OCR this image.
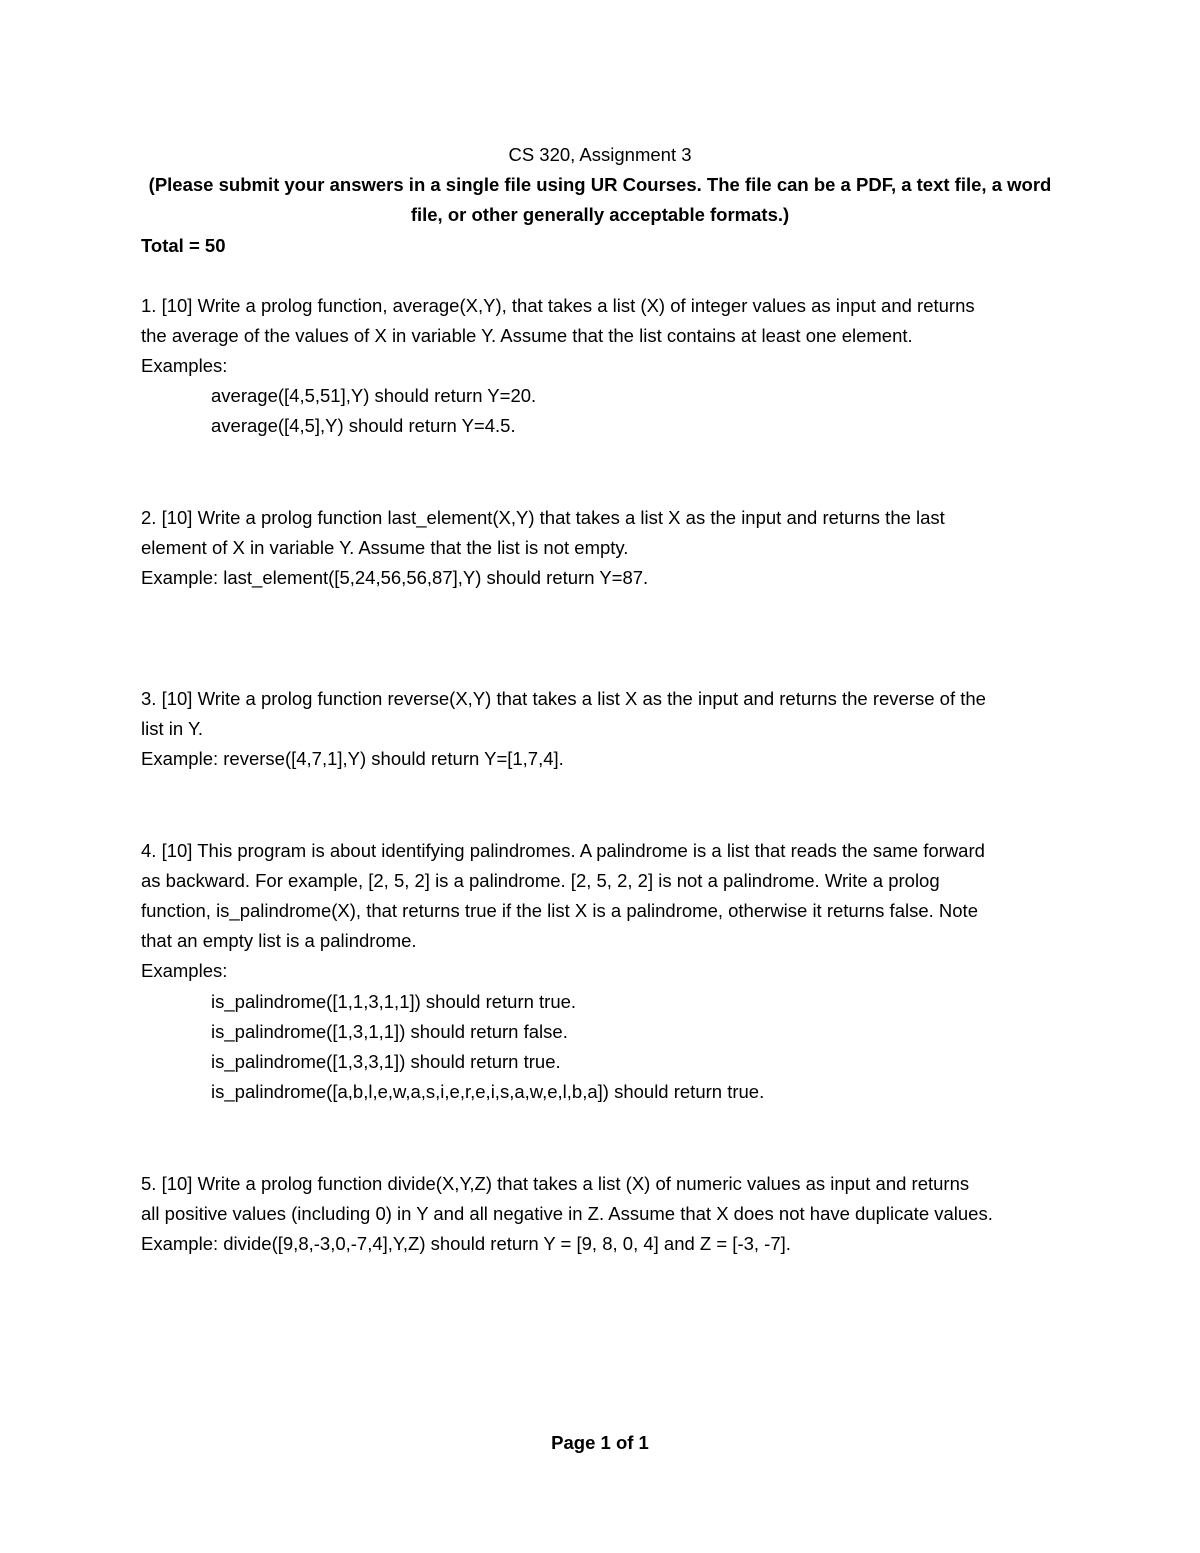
CS 320, Assignment 3
(Please submit your answers in a single file using UR Courses. The file can be a PDF, a text file, a word
file, or other generally acceptable formats.)
Total = 50
1. [10] Write a prolog function, average(X,Y), that takes a list (X) of integer values as input and returns
the average of the values of X in variable Y. Assume that the list contains at least one element.
Examples:
average([4,5,51],Y) should return Y=20.
average([4,5],Y) should return Y=4.5.
2. [10] Write a prolog function last_element(X,Y) that takes a list X as the input and returns the last
element of X in variable Y. Assume that the list is not empty.
Example: last_element([5,24,56,56,87],Y) should return Y=87.
3. [10] Write a prolog function reverse(X,Y) that takes a list X as the input and returns the reverse of the
list in Y.
Example: reverse([4,7,1],Y) should return Y=[1,7,4].
4. [10] This program is about identifying palindromes. A palindrome is a list that reads the same forward
as backward. For example, [2, 5, 2] is a palindrome. [2, 5, 2, 2] is not a palindrome. Write a prolog
function, is_palindrome(X), that returns true if the list X is a palindrome, otherwise it returns false. Note
that an empty list is a palindrome.
Examples:
is_palindrome([1,1,3,1,1]) should return true.
is_palindrome([1,3,1,1]) should return false.
is_palindrome([1,3,3,1]) should return true.
is_palindrome([a,b,l,e,w,a,s,i,e,r,e,i,s,a,w,e,l,b,a]) should return true.
5. [10] Write a prolog function divide(X,Y,Z) that takes a list (X) of numeric values as input and returns
all positive values (including 0) in Y and all negative in Z. Assume that X does not have duplicate values.
Example: divide([9,8,-3,0,-7,4],Y,Z) should return Y = [9, 8, 0, 4] and Z = [-3, -7].
Page 1 of 1
